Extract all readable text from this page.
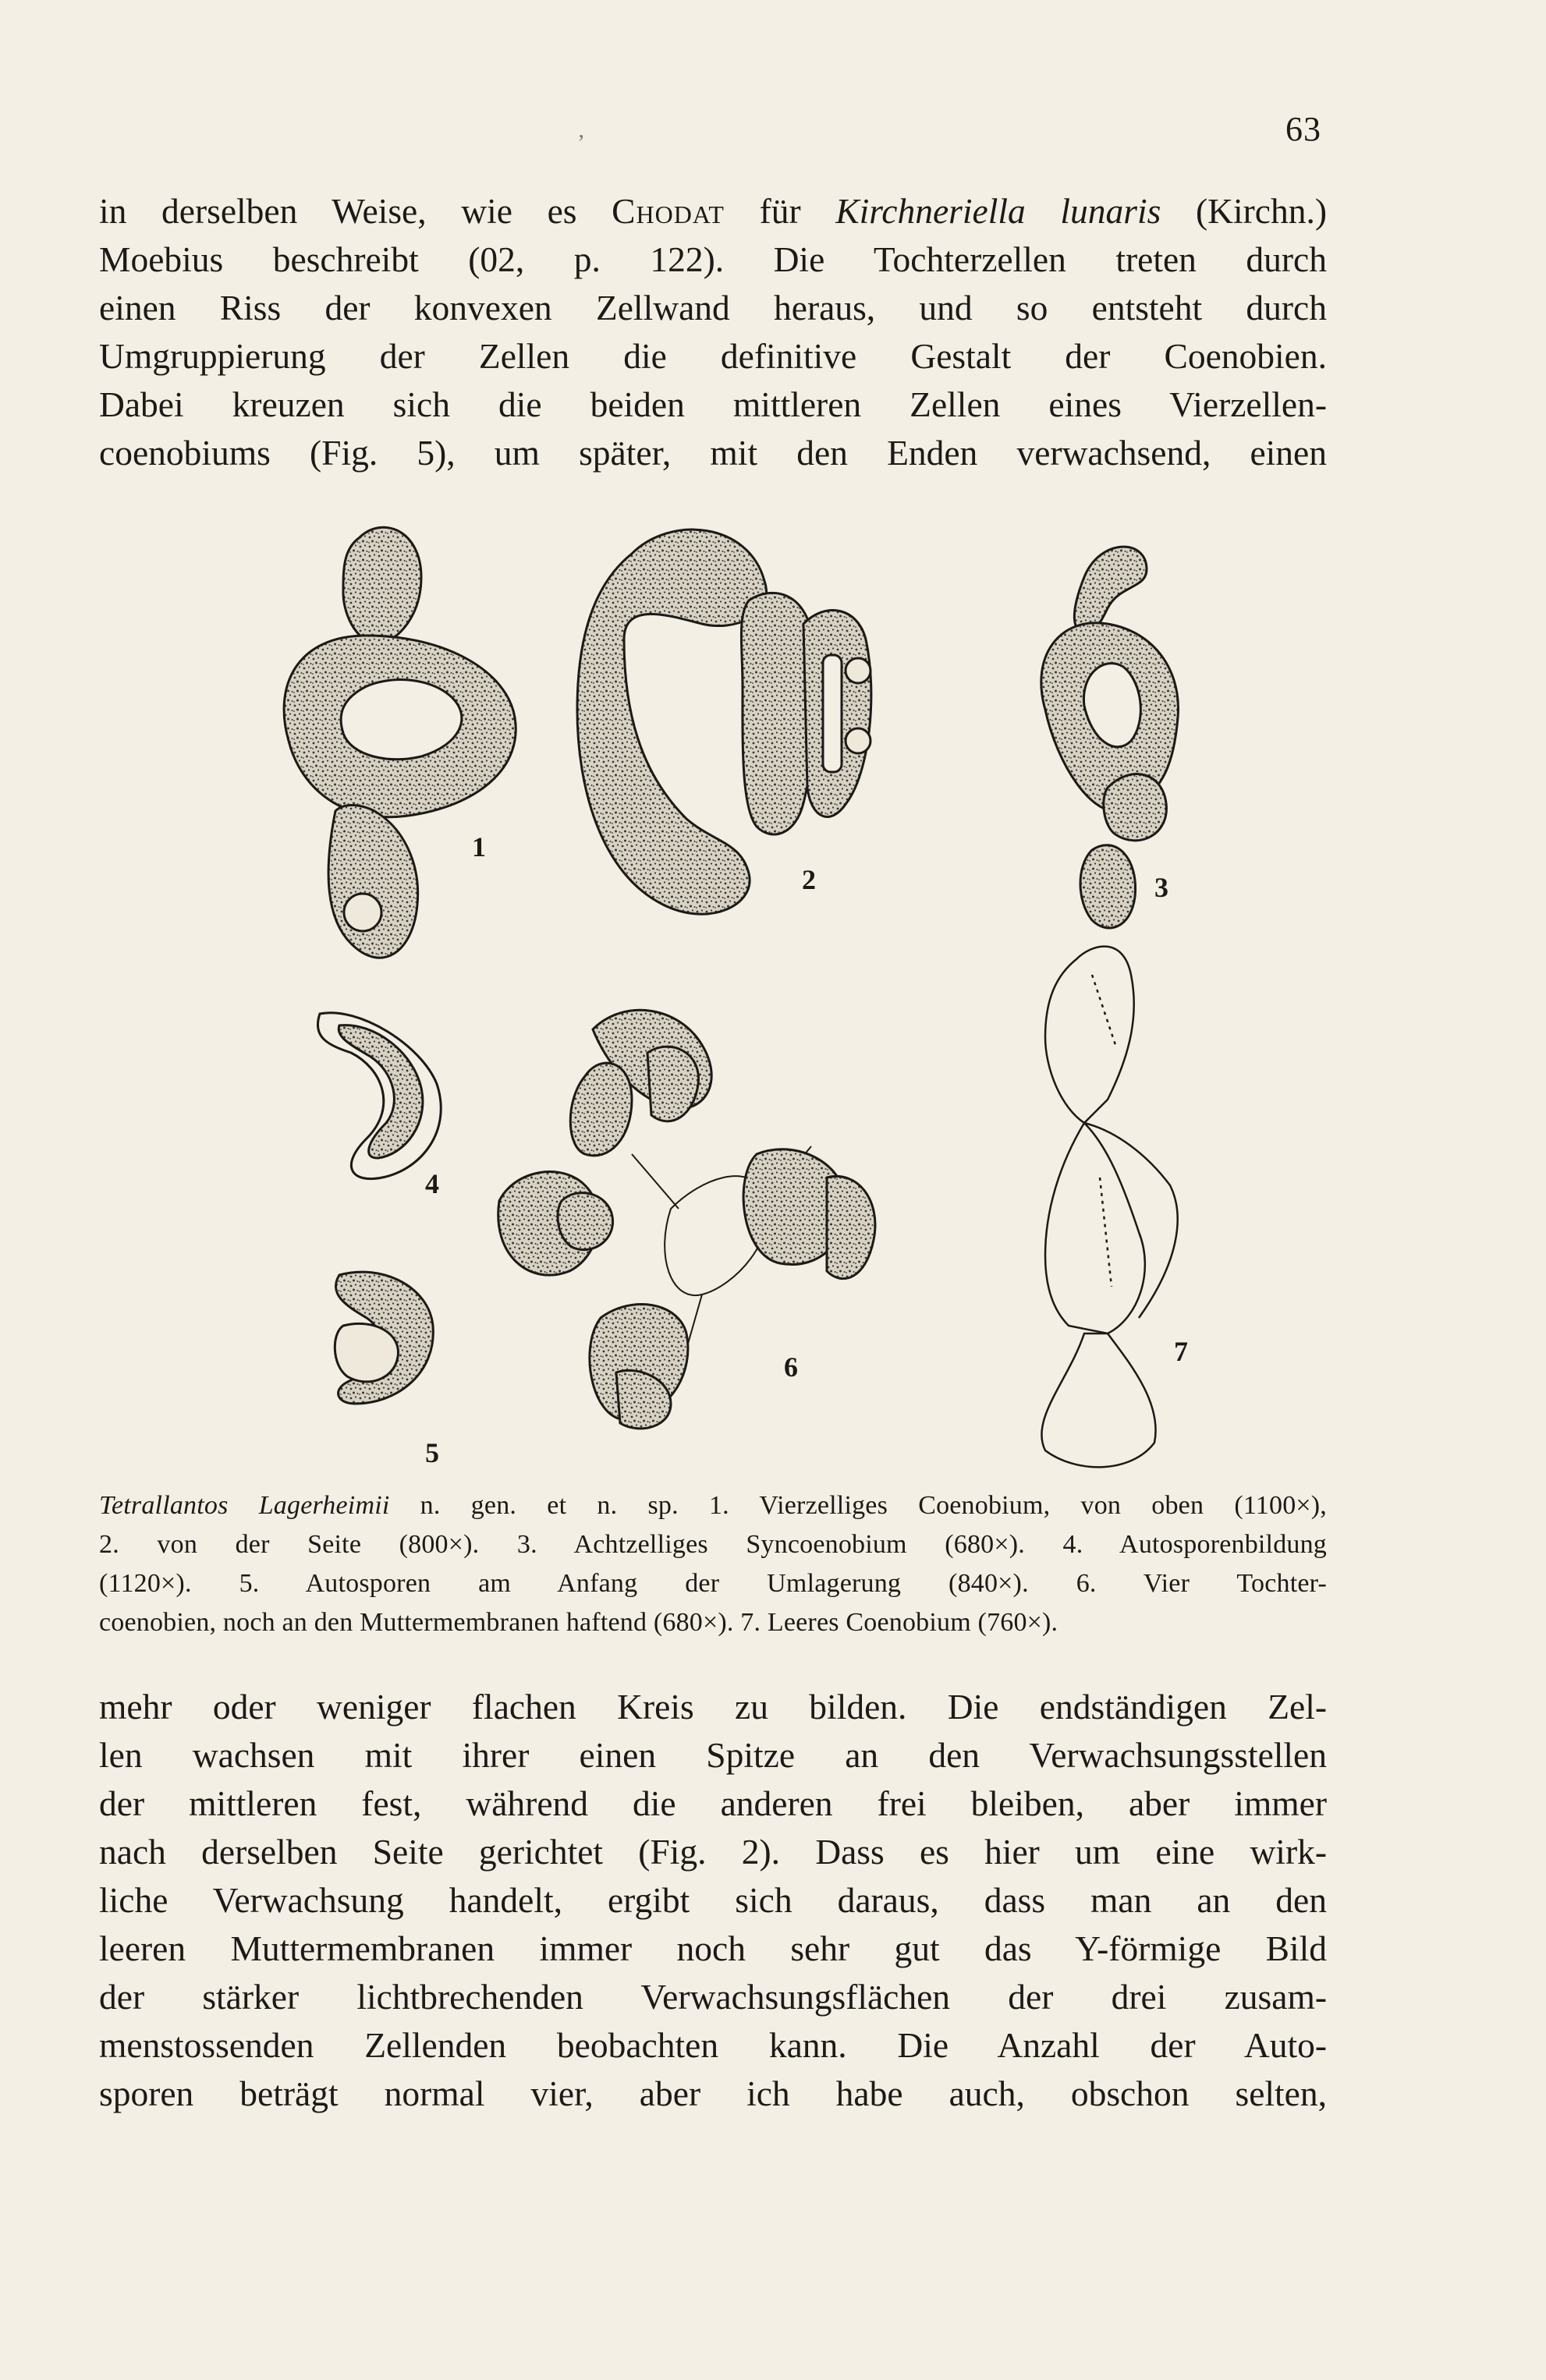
‚	63
in derselben Weise, wie es Chodat für Kirchneriella lunaris (Kirchn.)
Moebius beschreibt (02, p. 122). Die Tochterzellen treten durch
einen Riss der konvexen Zellwand heraus, und so entsteht durch
Umgruppierung der Zellen die definitive Gestalt der Coenobien.
Dabei kreuzen sich die beiden mittleren Zellen eines Vierzellen-
coenobiums (Fig. 5), um später, mit den Enden verwachsend, einen
1
2	3
4
5
6	7
Tetrallantos Lagerheimii n. gen. et n. sp. 1. Vierzelliges Coenobium, von oben (1100×),
2. von der Seite (800×). 3. Achtzelliges Syncoenobium (680×). 4. Autosporenbildung
(1120×). 5. Autosporen am Anfang der Umlagerung (840×). 6. Vier Tochter-
coenobien, noch an den Muttermembranen haftend (680×). 7. Leeres Coenobium (760×).
mehr oder weniger flachen Kreis zu bilden. Die endständigen Zel-
len wachsen mit ihrer einen Spitze an den Verwachsungsstellen
der mittleren fest, während die anderen frei bleiben, aber immer
nach derselben Seite gerichtet (Fig. 2). Dass es hier um eine wirk-
liche Verwachsung handelt, ergibt sich daraus, dass man an den
leeren Muttermembranen immer noch sehr gut das Y-förmige Bild
der stärker lichtbrechenden Verwachsungsflächen der drei zusam-
menstossenden Zellenden beobachten kann. Die Anzahl der Auto-
sporen beträgt normal vier, aber ich habe auch, obschon selten,
